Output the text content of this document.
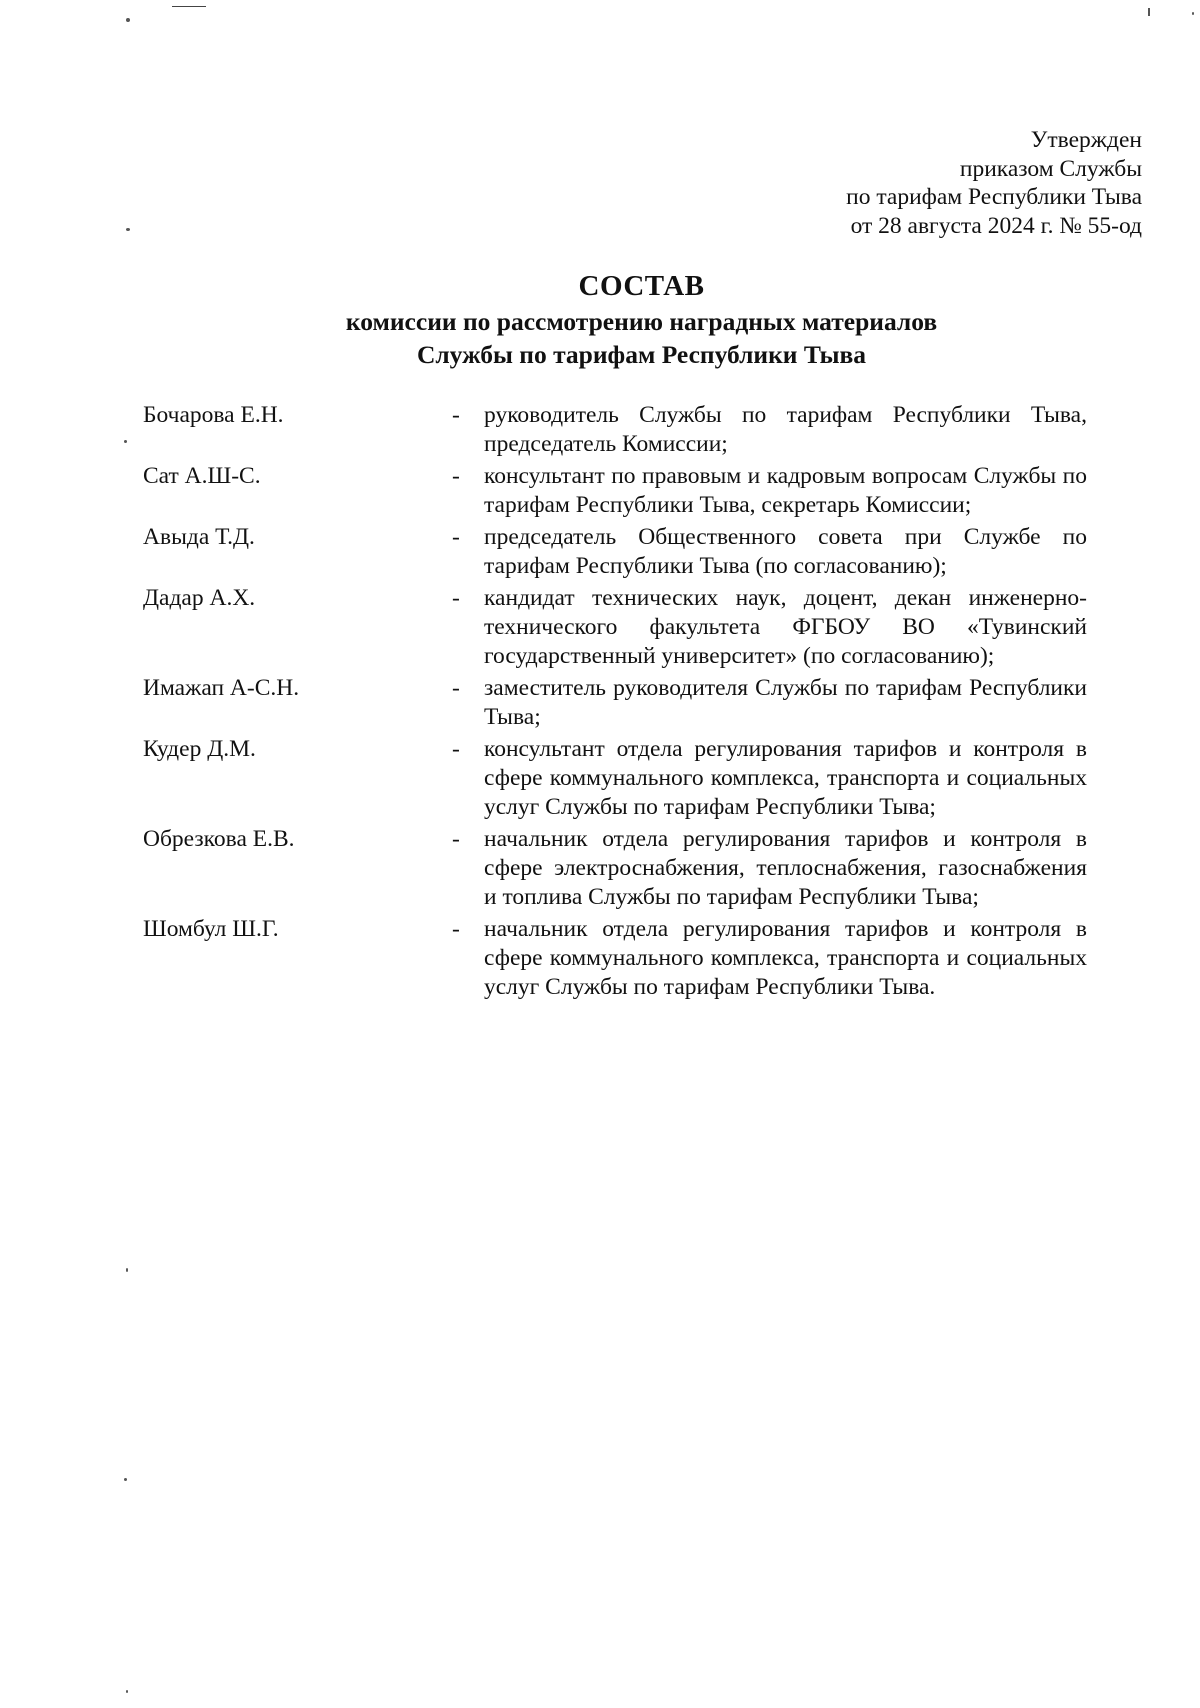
Утвержден
приказом Службы
по тарифам Республики Тыва
от 28 августа 2024 г. № 55-од
СОСТАВ
комиссии по рассмотрению наградных материалов
Службы по тарифам Республики Тыва
Бочарова Е.Н.	- руководитель Службы по тарифам Республики Тыва, председатель Комиссии;
Сат А.Ш-С.	- консультант по правовым и кадровым вопросам Службы по тарифам Республики Тыва, секретарь Комиссии;
Авыда Т.Д.	- председатель Общественного совета при Службе по тарифам Республики Тыва (по согласованию);
Дадар А.Х.	- кандидат технических наук, доцент, декан инженерно-технического факультета ФГБОУ ВО «Тувинский государственный университет» (по согласованию);
Имажап А-С.Н.	- заместитель руководителя Службы по тарифам Республики Тыва;
Кудер Д.М.	- консультант отдела регулирования тарифов и контроля в сфере коммунального комплекса, транспорта и социальных услуг Службы по тарифам Республики Тыва;
Обрезкова Е.В.	- начальник отдела регулирования тарифов и контроля в сфере электроснабжения, теплоснабжения, газоснабжения и топлива Службы по тарифам Республики Тыва;
Шомбул Ш.Г.	- начальник отдела регулирования тарифов и контроля в сфере коммунального комплекса, транспорта и социальных услуг Службы по тарифам Республики Тыва.
